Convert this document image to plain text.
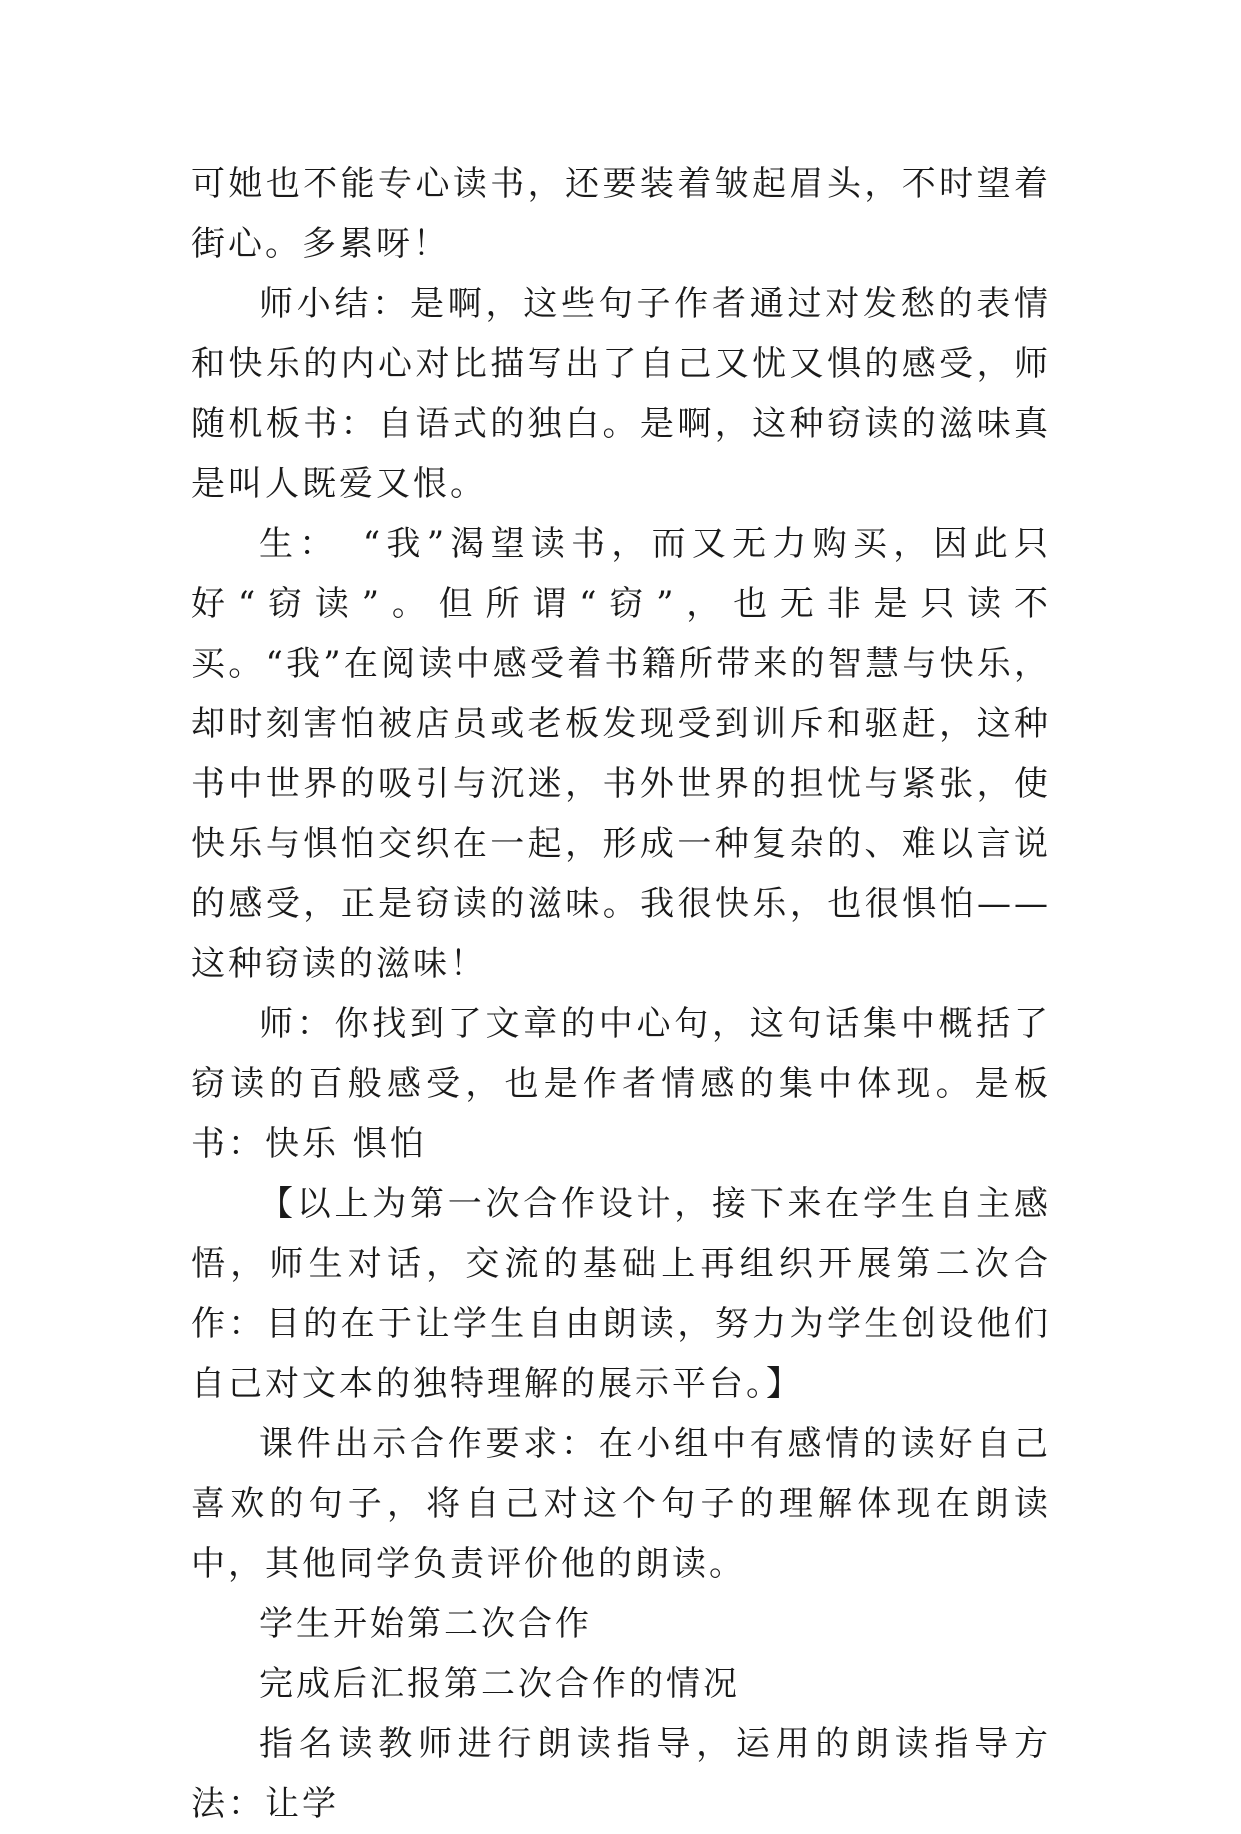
可她也不能专心读书，还要装着皱起眉头，不时望着街心。多累呀！

师小结：是啊，这些句子作者通过对发愁的表情和快乐的内心对比描写出了自己又忧又惧的感受，师随机板书：自语式的独白。是啊，这种窃读的滋味真是叫人既爱又恨。

生：　“我”渴望读书，而又无力购买，因此只好“窃读”。但所谓“窃”，也无非是只读不买。“我”在阅读中感受着书籍所带来的智慧与快乐，却时刻害怕被店员或老板发现受到训斥和驱赶，这种书中世界的吸引与沉迷，书外世界的担忧与紧张，使快乐与惧怕交织在一起，形成一种复杂的、难以言说的感受，正是窃读的滋味。我很快乐，也很惧怕——这种窃读的滋味！

师：你找到了文章的中心句，这句话集中概括了窃读的百般感受，也是作者情感的集中体现。是板书：快乐 惧怕

【以上为第一次合作设计，接下来在学生自主感悟，师生对话，交流的基础上再组织开展第二次合作：目的在于让学生自由朗读，努力为学生创设他们自己对文本的独特理解的展示平台。】

课件出示合作要求：在小组中有感情的读好自己喜欢的句子，将自己对这个句子的理解体现在朗读中，其他同学负责评价他的朗读。

学生开始第二次合作

完成后汇报第二次合作的情况

指名读教师进行朗读指导，运用的朗读指导方法：让学
